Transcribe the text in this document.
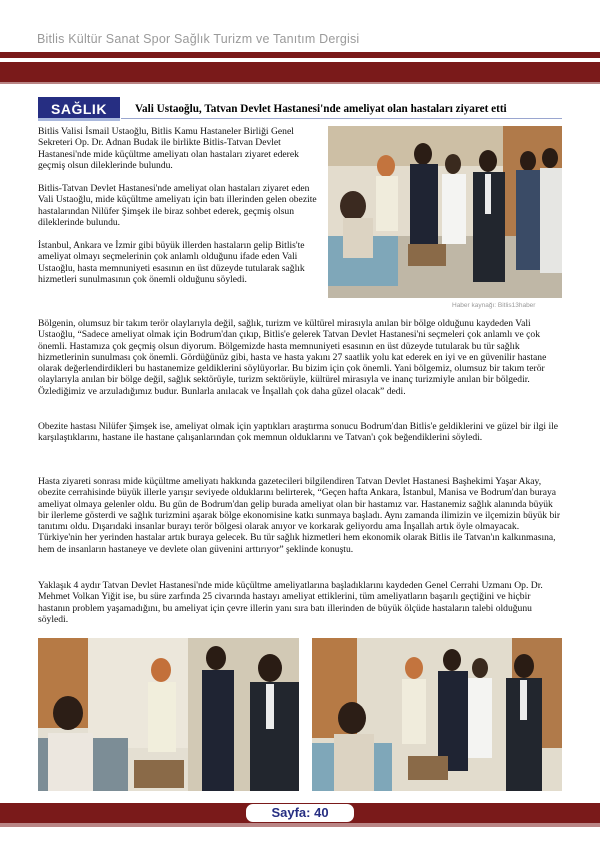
Bitlis Kültür Sanat Spor Sağlık Turizm ve Tanıtım Dergisi
SAĞLIK	Vali Ustaoğlu, Tatvan Devlet Hastanesi'nde ameliyat olan hastaları ziyaret etti

Bitlis Valisi İsmail Ustaoğlu, Bitlis Kamu Hastaneler Birliği Genel Sekreteri Op. Dr. Adnan Budak ile birlikte Bitlis-Tatvan Devlet Hastanesi'nde mide küçültme ameliyatı olan hastaları ziyaret ederek geçmiş olsun dileklerinde bulundu.

Bitlis-Tatvan Devlet Hastanesi'nde ameliyat olan hastaları ziyaret eden Vali Ustaoğlu, mide küçültme ameliyatı için batı illerinden gelen obezite hastalarından Nilüfer Şimşek ile biraz sohbet ederek, geçmiş olsun dileklerinde bulundu.

İstanbul, Ankara ve İzmir gibi büyük illerden hastaların gelip Bitlis'te ameliyat olmayı seçmelerinin çok anlamlı olduğunu ifade eden Vali Ustaoğlu, hasta memnuniyeti esasının en üst düzeyde tutularak sağlık hizmetleri sunulmasının çok önemli olduğunu söyledi.

Haber kaynağı: Bitlis13haber

Bölgenin, olumsuz bir takım terör olaylarıyla değil, sağlık, turizm ve kültürel mirasıyla anılan bir bölge olduğunu kaydeden Vali Ustaoğlu, “Sadece ameliyat olmak için Bodrum'dan çıkıp, Bitlis'e gelerek Tatvan Devlet Hastanesi'ni seçmeleri çok anlamlı ve çok önemli. Hastamıza çok geçmiş olsun diyorum. Bölgemizde hasta memnuniyeti esasının en üst düzeyde tutularak bu tür sağlık hizmetlerinin sunulması çok önemli. Gördüğünüz gibi, hasta ve hasta yakını 27 saatlik yolu kat ederek en iyi ve en güvenilir hastane olarak değerlendirdikleri bu hastanemize geldiklerini söylüyorlar. Bu bizim için çok önemli. Yani bölgemiz, olumsuz bir takım terör olaylarıyla anılan bir bölge değil, sağlık sektörüyle, turizm sektörüyle, kültürel mirasıyla ve inanç turizmiyle anılan bir bölgedir. Özlediğimiz ve arzuladığımız budur. Bunlarla anılacak ve İnşallah çok daha güzel olacak” dedi.

Obezite hastası Nilüfer Şimşek ise, ameliyat olmak için yaptıkları araştırma sonucu Bodrum'dan Bitlis'e geldiklerini ve güzel bir ilgi ile karşılaştıklarını, hastane ile hastane çalışanlarından çok memnun olduklarını ve Tatvan'ı çok beğendiklerini söyledi.

Hasta ziyareti sonrası mide küçültme ameliyatı hakkında gazetecileri bilgilendiren Tatvan Devlet Hastanesi Başhekimi Yaşar Akay, obezite cerrahisinde büyük illerle yarışır seviyede olduklarını belirterek, “Geçen hafta Ankara, İstanbul, Manisa ve Bodrum'dan buraya ameliyat olmaya gelenler oldu. Bu gün de Bodrum'dan gelip burada ameliyat olan bir hastamız var. Hastanemiz sağlık alanında büyük bir ilerleme gösterdi ve sağlık turizmini aşarak bölge ekonomisine katkı sunmaya başladı. Aynı zamanda ilimizin ve ilçemizin büyük bir tanıtımı oldu. Dışarıdaki insanlar burayı terör bölgesi olarak anıyor ve korkarak geliyordu ama İnşallah artık öyle olmayacak. Türkiye'nin her yerinden hastalar artık buraya gelecek. Bu tür sağlık hizmetleri hem ekonomik olarak Bitlis ile Tatvan'ın kalkınmasına, hem de insanların hastaneye ve devlete olan güvenini arttırıyor” şeklinde konuştu.

Yaklaşık 4 aydır Tatvan Devlet Hastanesi'nde mide küçültme ameliyatlarına başladıklarını kaydeden Genel Cerrahi Uzmanı Op. Dr. Mehmet Volkan Yiğit ise, bu süre zarfında 25 civarında hastayı ameliyat ettiklerini, tüm ameliyatların başarılı geçtiğini ve hiçbir hastanın problem yaşamadığını, bu ameliyat için çevre illerin yanı sıra batı illerinden de büyük ölçüde hastaların talebi olduğunu söyledi.

Sayfa: 40
